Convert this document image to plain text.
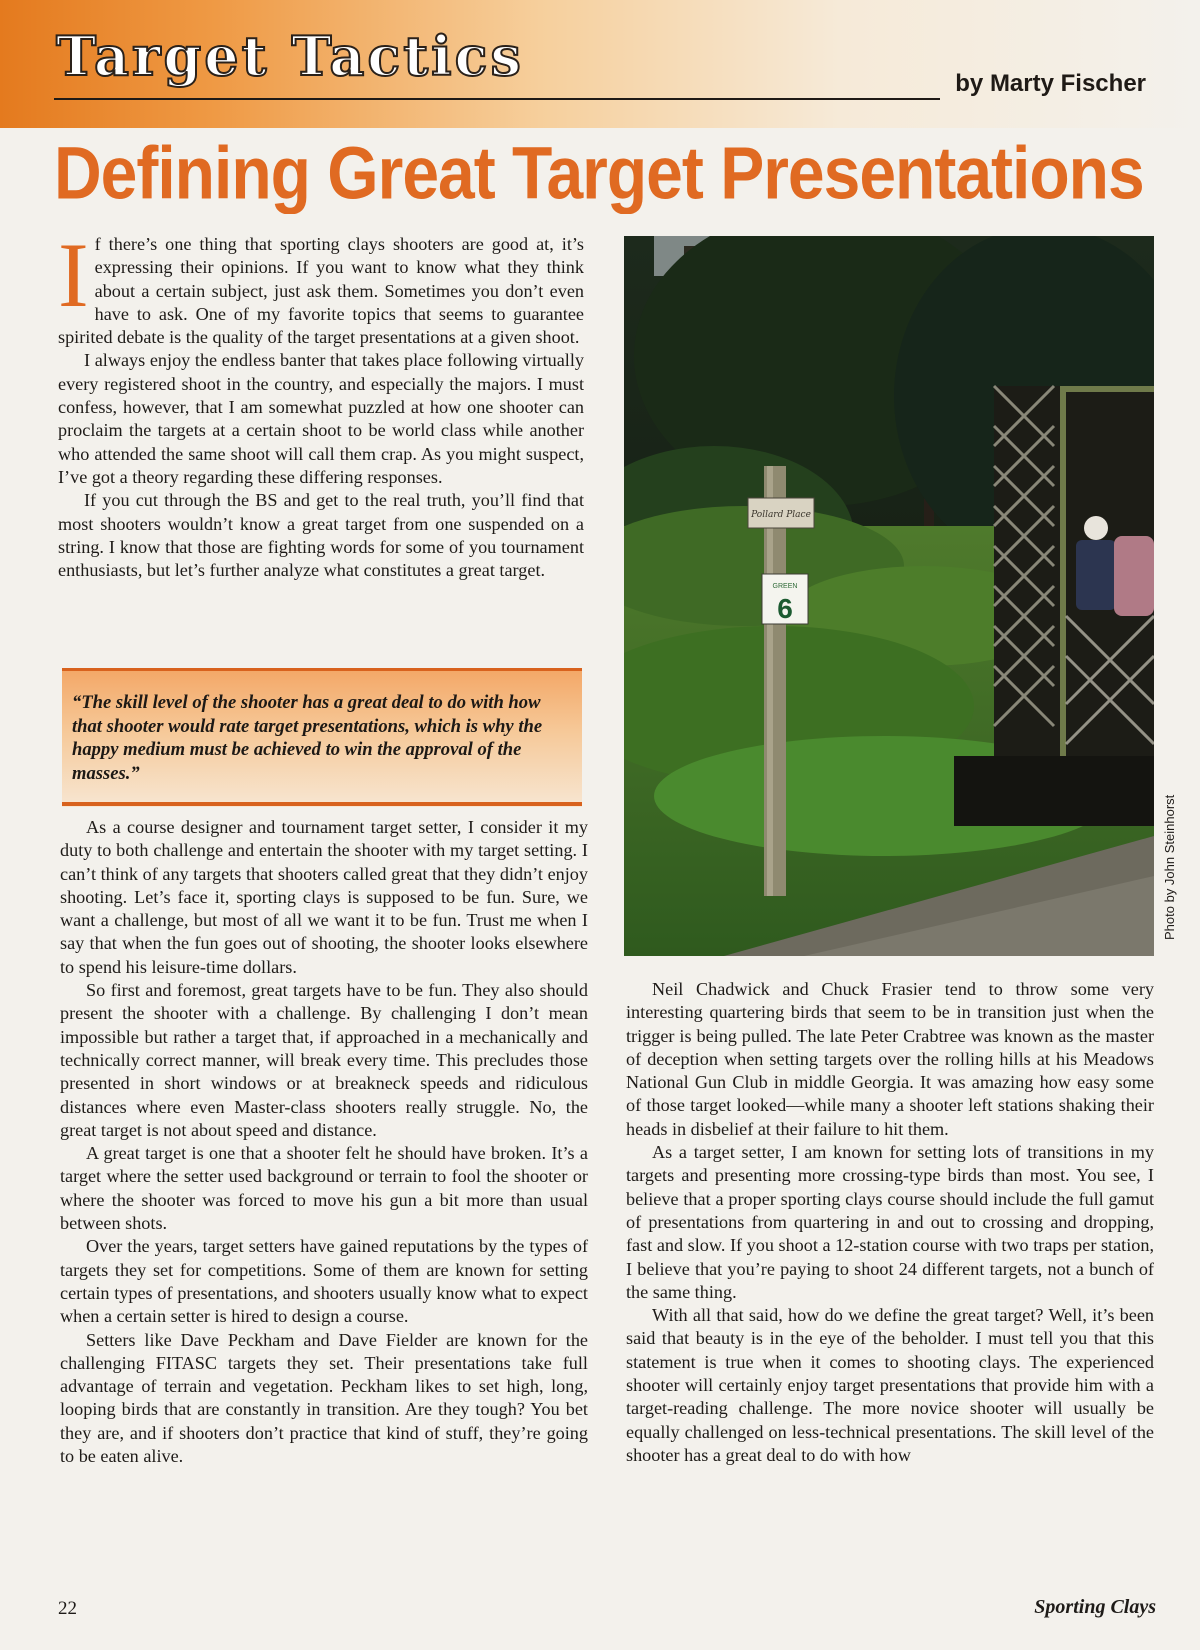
Target Tactics	by Marty Fischer

Defining Great Target Presentations
I f there’s one thing that sporting clays shooters are good at, it’s expressing their opinions. If you want to know what they think about a certain subject, just ask them. Sometimes you don’t even have to ask. One of my favorite topics that seems to guarantee spirited debate is the quality of the target presentations at a given shoot.

I always enjoy the endless banter that takes place following virtually every registered shoot in the country, and especially the majors. I must confess, however, that I am somewhat puzzled at how one shooter can proclaim the targets at a certain shoot to be world class while another who attended the same shoot will call them crap. As you might suspect, I’ve got a theory regarding these differing responses.

If you cut through the BS and get to the real truth, you’ll find that most shooters wouldn’t know a great target from one suspended on a string. I know that those are fighting words for some of you tournament enthusiasts, but let’s further analyze what constitutes a great target.

“The skill level of the shooter has a great deal to do with how that shooter would rate target presentations, which is why the happy medium must be achieved to win the approval of the masses.”

As a course designer and tournament target setter, I consider it my duty to both challenge and entertain the shooter with my target setting. I can’t think of any targets that shooters called great that they didn’t enjoy shooting. Let’s face it, sporting clays is supposed to be fun. Sure, we want a challenge, but most of all we want it to be fun. Trust me when I say that when the fun goes out of shooting, the shooter looks elsewhere to spend his leisure-time dollars.

So first and foremost, great targets have to be fun. They also should present the shooter with a challenge. By challenging I don’t mean impossible but rather a target that, if approached in a mechanically and technically correct manner, will break every time. This precludes those presented in short windows or at breakneck speeds and ridiculous distances where even Master-class shooters really struggle. No, the great target is not about speed and distance.

A great target is one that a shooter felt he should have broken. It’s a target where the setter used background or terrain to fool the shooter or where the shooter was forced to move his gun a bit more than usual between shots.

Over the years, target setters have gained reputations by the types of targets they set for competitions. Some of them are known for setting certain types of presentations, and shooters usually know what to expect when a certain setter is hired to design a course.

Setters like Dave Peckham and Dave Fielder are known for the challenging FITASC targets they set. Their presentations take full advantage of terrain and vegetation. Peckham likes to set high, long, looping birds that are constantly in transition. Are they tough? You bet they are, and if shooters don’t practice that kind of stuff, they’re going to be eaten alive.

Pollard Place
GREEN
6
Photo by John Steinhorst

Neil Chadwick and Chuck Frasier tend to throw some very interesting quartering birds that seem to be in transition just when the trigger is being pulled. The late Peter Crabtree was known as the master of deception when setting targets over the rolling hills at his Meadows National Gun Club in middle Georgia. It was amazing how easy some of those target looked—while many a shooter left stations shaking their heads in disbelief at their failure to hit them.

As a target setter, I am known for setting lots of transitions in my targets and presenting more crossing-type birds than most. You see, I believe that a proper sporting clays course should include the full gamut of presentations from quartering in and out to crossing and dropping, fast and slow. If you shoot a 12-station course with two traps per station, I believe that you’re paying to shoot 24 different targets, not a bunch of the same thing.

With all that said, how do we define the great target? Well, it’s been said that beauty is in the eye of the beholder. I must tell you that this statement is true when it comes to shooting clays. The experienced shooter will certainly enjoy target presentations that provide him with a target-reading challenge. The more novice shooter will usually be equally challenged on less-technical presentations. The skill level of the shooter has a great deal to do with how

22	Sporting Clays
